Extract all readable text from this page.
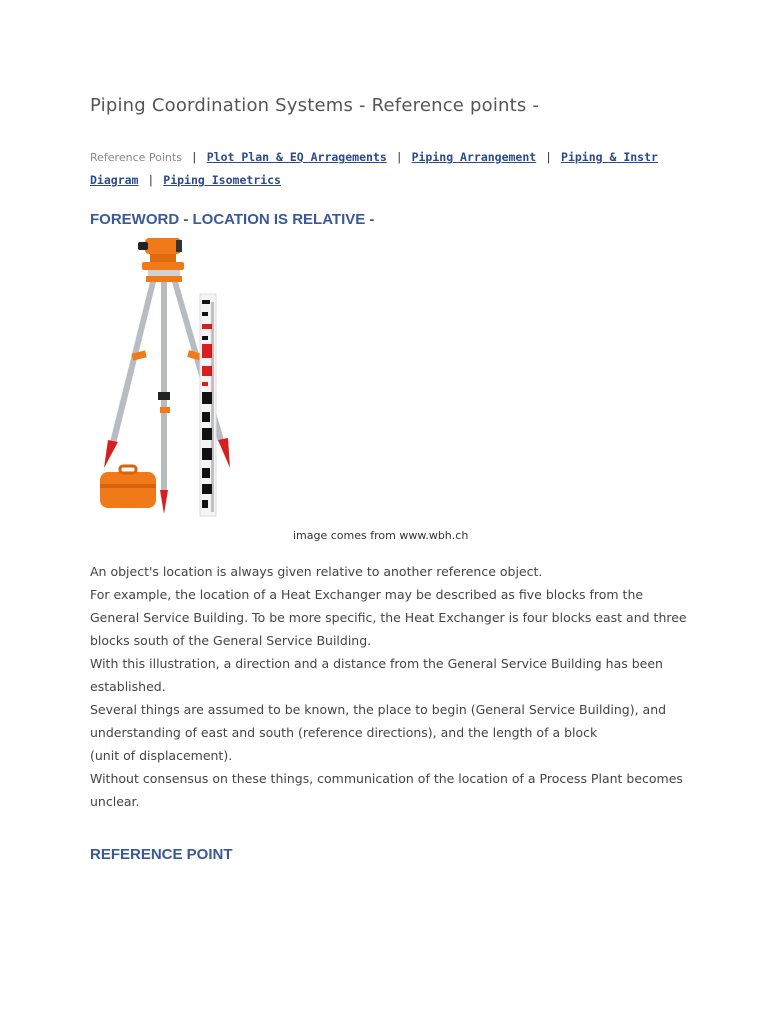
Piping Coordination Systems - Reference points -
Reference Points | Plot Plan & EQ Arragements | Piping Arrangement | Piping & Instr Diagram | Piping Isometrics
FOREWORD - LOCATION IS RELATIVE -

image comes from www.wbh.ch

An object's location is always given relative to another reference object.

For example, the location of a Heat Exchanger may be described as five blocks from the General Service Building. To be more specific, the Heat Exchanger is four blocks east and three blocks south of the General Service Building.

With this illustration, a direction and a distance from the General Service Building has been established.

Several things are assumed to be known, the place to begin (General Service Building), and understanding of east and south (reference directions), and the length of a block

(unit of displacement).

Without consensus on these things, communication of the location of a Process Plant becomes unclear.

REFERENCE POINT
